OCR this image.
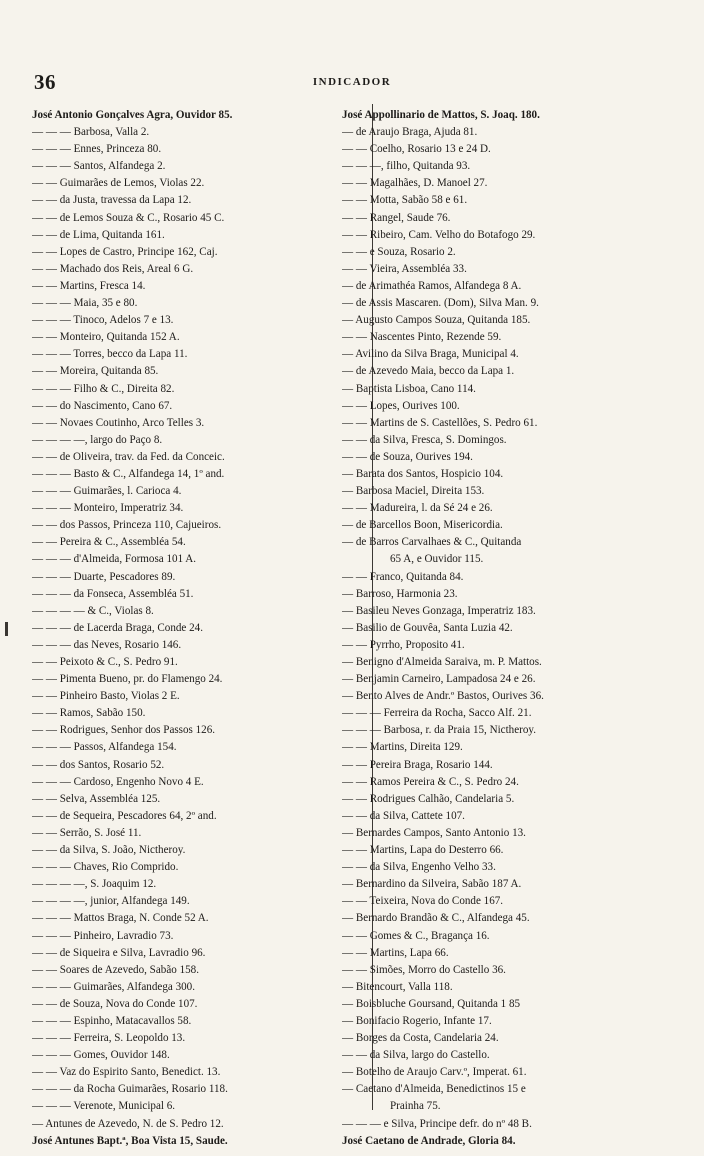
36	INDICADOR
José Antonio Gonçalves Agra, Ouvidor 85.
— — — Barbosa, Valla 2.
— — — Ennes, Princeza 80.
— — — Santos, Alfandega 2.
— — Guimarães de Lemos, Violas 22.
— — da Justa, travessa da Lapa 12.
— — de Lemos Souza & C., Rosario 45 C.
— — de Lima, Quitanda 161.
— — Lopes de Castro, Principe 162, Caj.
— — Machado dos Reis, Areal 6 G.
— — Martins, Fresca 14.
— — — Maia, 35 e 80.
— — — Tinoco, Adelos 7 e 13.
— — Monteiro, Quitanda 152 A.
— — — Torres, becco da Lapa 11.
— — Moreira, Quitanda 85.
— — — Filho & C., Direita 82.
— — do Nascimento, Cano 67.
— — Novaes Coutinho, Arco Telles 3.
— — — —, largo do Paço 8.
— — de Oliveira, trav. da Fed. da Conceic.
— — — Basto & C., Alfandega 14, 1º and.
— — — Guimarães, l. Carioca 4.
— — — Monteiro, Imperatriz 34.
— — dos Passos, Princeza 110, Cajueiros.
— — Pereira & C., Assembléa 54.
— — — d'Almeida, Formosa 101 A.
— — — Duarte, Pescadores 89.
— — — da Fonseca, Assembléa 51.
— — — — & C., Violas 8.
— — — de Lacerda Braga, Conde 24.
— — — das Neves, Rosario 146.
— — Peixoto & C., S. Pedro 91.
— — Pimenta Bueno, pr. do Flamengo 24.
— — Pinheiro Basto, Violas 2 E.
— — Ramos, Sabão 150.
— — Rodrigues, Senhor dos Passos 126.
— — — Passos, Alfandega 154.
— — dos Santos, Rosario 52.
— — — Cardoso, Engenho Novo 4 E.
— — Selva, Assembléa 125.
— — de Sequeira, Pescadores 64, 2º and.
— — Serrão, S. José 11.
— — da Silva, S. João, Nictheroy.
— — — Chaves, Rio Comprido.
— — — —, S. Joaquim 12.
— — — —, junior, Alfandega 149.
— — — Mattos Braga, N. Conde 52 A.
— — — Pinheiro, Lavradio 73.
— — de Siqueira e Silva, Lavradio 96.
— — Soares de Azevedo, Sabão 158.
— — — Guimarães, Alfandega 300.
— — de Souza, Nova do Conde 107.
— — — Espinho, Matacavallos 58.
— — — Ferreira, S. Leopoldo 13.
— — — Gomes, Ouvidor 148.
— — Vaz do Espirito Santo, Benedict. 13.
— — — da Rocha Guimarães, Rosario 118.
— — — Verenote, Municipal 6.
— Antunes de Azevedo, N. de S. Pedro 12.
José Antunes Bapt.ª, Boa Vista 15, Saude.
José Appollinario de Mattos, S. Joaq. 180.
— de Araujo Braga, Ajuda 81.
— — Coelho, Rosario 13 e 24 D.
— — —, filho, Quitanda 93.
— — Magalhães, D. Manoel 27.
— — Motta, Sabão 58 e 61.
— — Rangel, Saude 76.
— — Ribeiro, Cam. Velho do Botafogo 29.
— — e Souza, Rosario 2.
— — Vieira, Assembléa 33.
— de Arimathéa Ramos, Alfandega 8 A.
— de Assis Mascaren. (Dom), Silva Man. 9.
— Augusto Campos Souza, Quitanda 185.
— — Nascentes Pinto, Rezende 59.
— Avilino da Silva Braga, Municipal 4.
— de Azevedo Maia, becco da Lapa 1.
— Baptista Lisboa, Cano 114.
— — Lopes, Ourives 100.
— — Martins de S. Castellões, S. Pedro 61.
— — da Silva, Fresca, S. Domingos.
— — de Souza, Ourives 194.
— Barata dos Santos, Hospicio 104.
— Barbosa Maciel, Direita 153.
— — Madureira, l. da Sé 24 e 26.
— de Barcellos Boon, Misericordia.
— de Barros Carvalhaes & C., Quitanda
65 A, e Ouvidor 115.
— — Franco, Quitanda 84.
— Barroso, Harmonia 23.
— Basileu Neves Gonzaga, Imperatriz 183.
— Basilio de Gouvêa, Santa Luzia 42.
— — Pyrrho, Proposito 41.
— Benigno d'Almeida Saraiva, m. P. Mattos.
— Benjamin Carneiro, Lampadosa 24 e 26.
— Bento Alves de Andr.º Bastos, Ourives 36.
— — — Ferreira da Rocha, Sacco Alf. 21.
— — — Barbosa, r. da Praia 15, Nictheroy.
— — Martins, Direita 129.
— — Pereira Braga, Rosario 144.
— — Ramos Pereira & C., S. Pedro 24.
— — Rodrigues Calhão, Candelaria 5.
— — da Silva, Cattete 107.
— Bernardes Campos, Santo Antonio 13.
— — Martins, Lapa do Desterro 66.
— — da Silva, Engenho Velho 33.
— Bernardino da Silveira, Sabão 187 A.
— — Teixeira, Nova do Conde 167.
— Bernardo Brandão & C., Alfandega 45.
— — Gomes & C., Bragança 16.
— — Martins, Lapa 66.
— — Simões, Morro do Castello 36.
— Bitencourt, Valla 118.
— Boisbluche Goursand, Quitanda 1 85
— Bonifacio Rogerio, Infante 17.
— Borges da Costa, Candelaria 24.
— — da Silva, largo do Castello.
— Botelho de Araujo Carv.º, Imperat. 61.
— Caetano d'Almeida, Benedictinos 15 e
Prainha 75.
— — — e Silva, Principe defr. do nº 48 B.
José Caetano de Andrade, Gloria 84.
